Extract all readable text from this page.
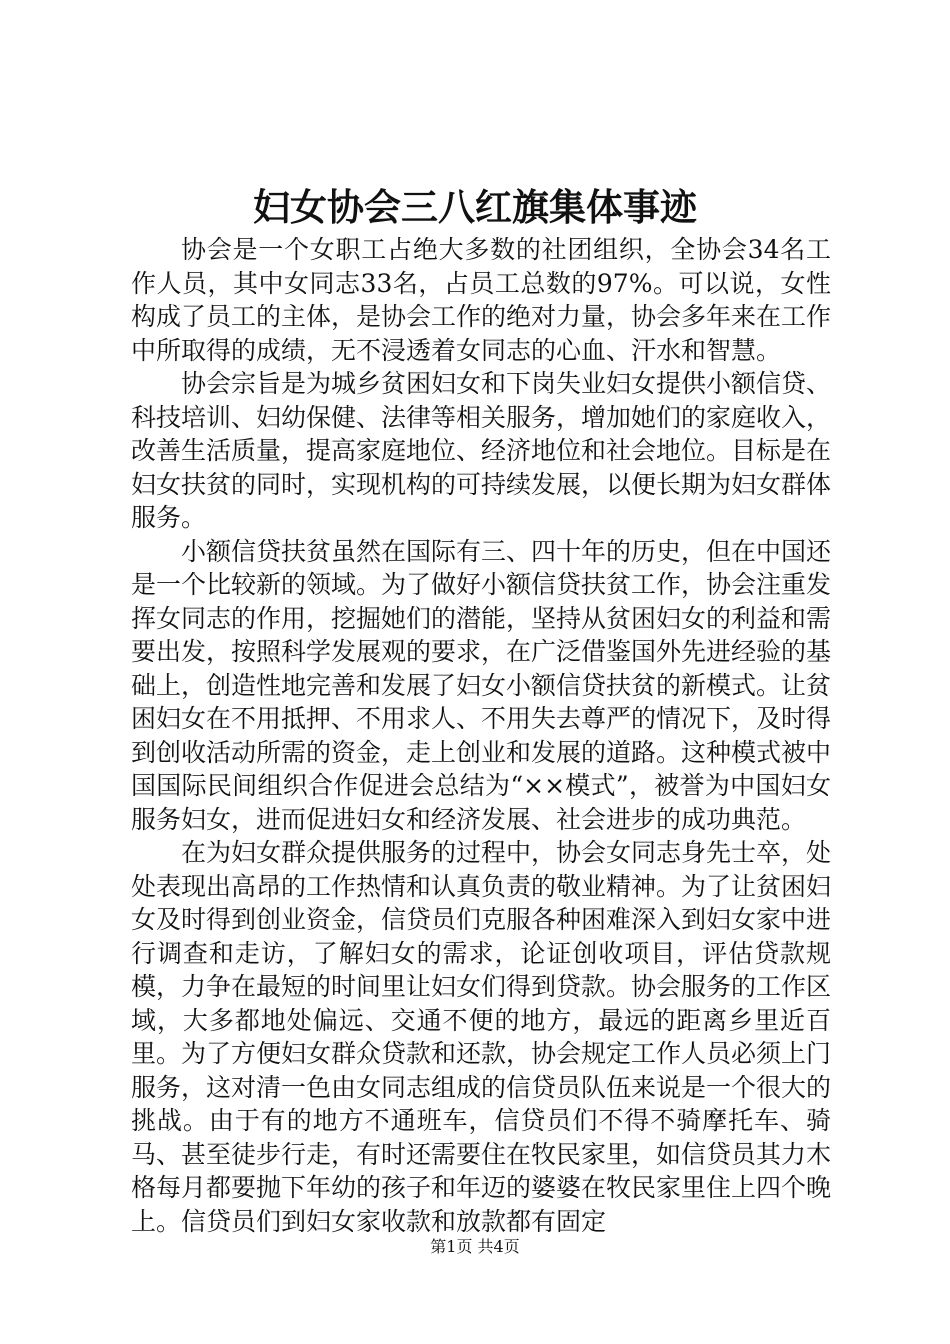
妇女协会三八红旗集体事迹

协会是一个女职工占绝大多数的社团组织，全协会34名工作人员，其中女同志33名，占员工总数的97%。可以说，女性构成了员工的主体，是协会工作的绝对力量，协会多年来在工作中所取得的成绩，无不浸透着女同志的心血、汗水和智慧。

协会宗旨是为城乡贫困妇女和下岗失业妇女提供小额信贷、科技培训、妇幼保健、法律等相关服务，增加她们的家庭收入，改善生活质量，提高家庭地位、经济地位和社会地位。目标是在妇女扶贫的同时，实现机构的可持续发展，以便长期为妇女群体服务。

小额信贷扶贫虽然在国际有三、四十年的历史，但在中国还是一个比较新的领域。为了做好小额信贷扶贫工作，协会注重发挥女同志的作用，挖掘她们的潜能，坚持从贫困妇女的利益和需要出发，按照科学发展观的要求，在广泛借鉴国外先进经验的基础上，创造性地完善和发展了妇女小额信贷扶贫的新模式。让贫困妇女在不用抵押、不用求人、不用失去尊严的情况下，及时得到创收活动所需的资金，走上创业和发展的道路。这种模式被中国国际民间组织合作促进会总结为“××模式”，被誉为中国妇女服务妇女，进而促进妇女和经济发展、社会进步的成功典范。

在为妇女群众提供服务的过程中，协会女同志身先士卒，处处表现出高昂的工作热情和认真负责的敬业精神。为了让贫困妇女及时得到创业资金，信贷员们克服各种困难深入到妇女家中进行调查和走访，了解妇女的需求，论证创收项目，评估贷款规模，力争在最短的时间里让妇女们得到贷款。协会服务的工作区域，大多都地处偏远、交通不便的地方，最远的距离乡里近百里。为了方便妇女群众贷款和还款，协会规定工作人员必须上门服务，这对清一色由女同志组成的信贷员队伍来说是一个很大的挑战。由于有的地方不通班车，信贷员们不得不骑摩托车、骑马、甚至徒步行走，有时还需要住在牧民家里，如信贷员其力木格每月都要抛下年幼的孩子和年迈的婆婆在牧民家里住上四个晚上。信贷员们到妇女家收款和放款都有固定

第1页 共4页
